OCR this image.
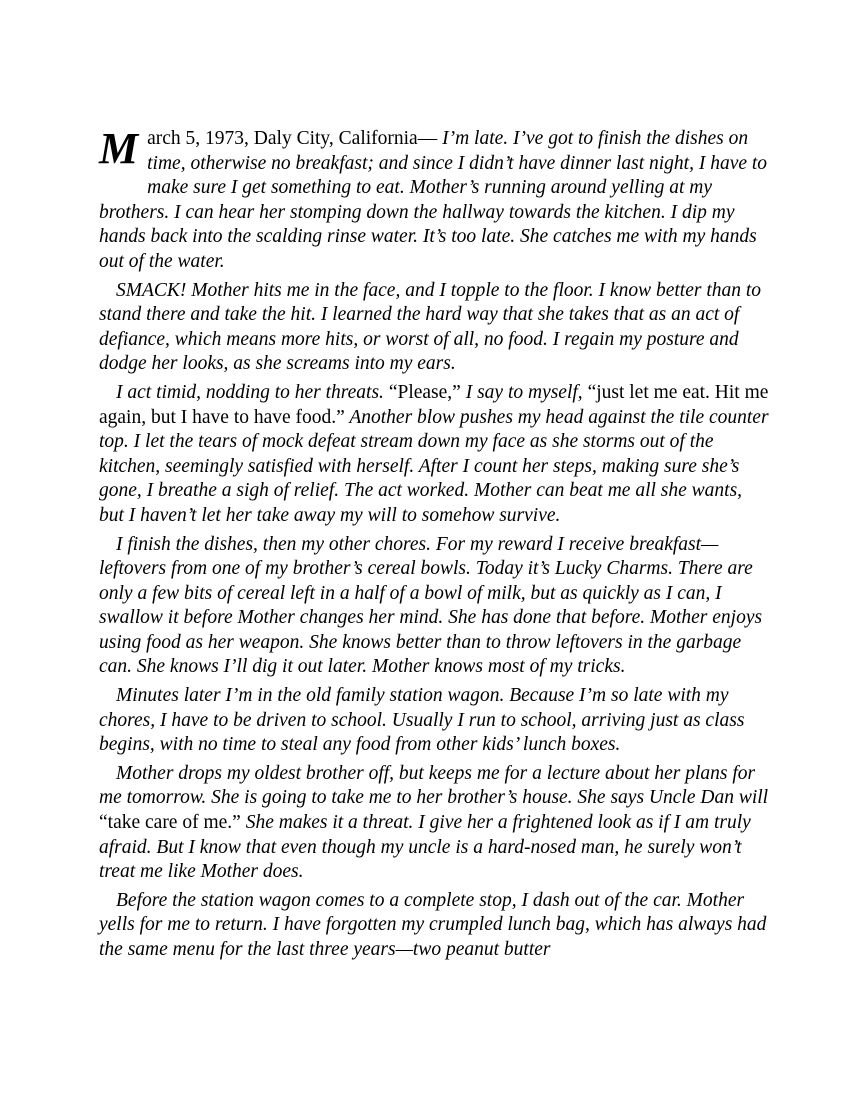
March 5, 1973, Daly City, California— I’m late. I’ve got to finish the dishes on time, otherwise no breakfast; and since I didn’t have dinner last night, I have to make sure I get something to eat. Mother’s running around yelling at my brothers. I can hear her stomping down the hallway towards the kitchen. I dip my hands back into the scalding rinse water. It’s too late. She catches me with my hands out of the water.

SMACK! Mother hits me in the face, and I topple to the floor. I know better than to stand there and take the hit. I learned the hard way that she takes that as an act of defiance, which means more hits, or worst of all, no food. I regain my posture and dodge her looks, as she screams into my ears.

I act timid, nodding to her threats. “Please,” I say to myself, “just let me eat. Hit me again, but I have to have food.” Another blow pushes my head against the tile counter top. I let the tears of mock defeat stream down my face as she storms out of the kitchen, seemingly satisfied with herself. After I count her steps, making sure she’s gone, I breathe a sigh of relief. The act worked. Mother can beat me all she wants, but I haven’t let her take away my will to somehow survive.

I finish the dishes, then my other chores. For my reward I receive breakfast—leftovers from one of my brother’s cereal bowls. Today it’s Lucky Charms. There are only a few bits of cereal left in a half of a bowl of milk, but as quickly as I can, I swallow it before Mother changes her mind. She has done that before. Mother enjoys using food as her weapon. She knows better than to throw leftovers in the garbage can. She knows I’ll dig it out later. Mother knows most of my tricks.

Minutes later I’m in the old family station wagon. Because I’m so late with my chores, I have to be driven to school. Usually I run to school, arriving just as class begins, with no time to steal any food from other kids’ lunch boxes.

Mother drops my oldest brother off, but keeps me for a lecture about her plans for me tomorrow. She is going to take me to her brother’s house. She says Uncle Dan will “take care of me.” She makes it a threat. I give her a frightened look as if I am truly afraid. But I know that even though my uncle is a hard-nosed man, he surely won’t treat me like Mother does.

Before the station wagon comes to a complete stop, I dash out of the car. Mother yells for me to return. I have forgotten my crumpled lunch bag, which has always had the same menu for the last three years—two peanut butter
